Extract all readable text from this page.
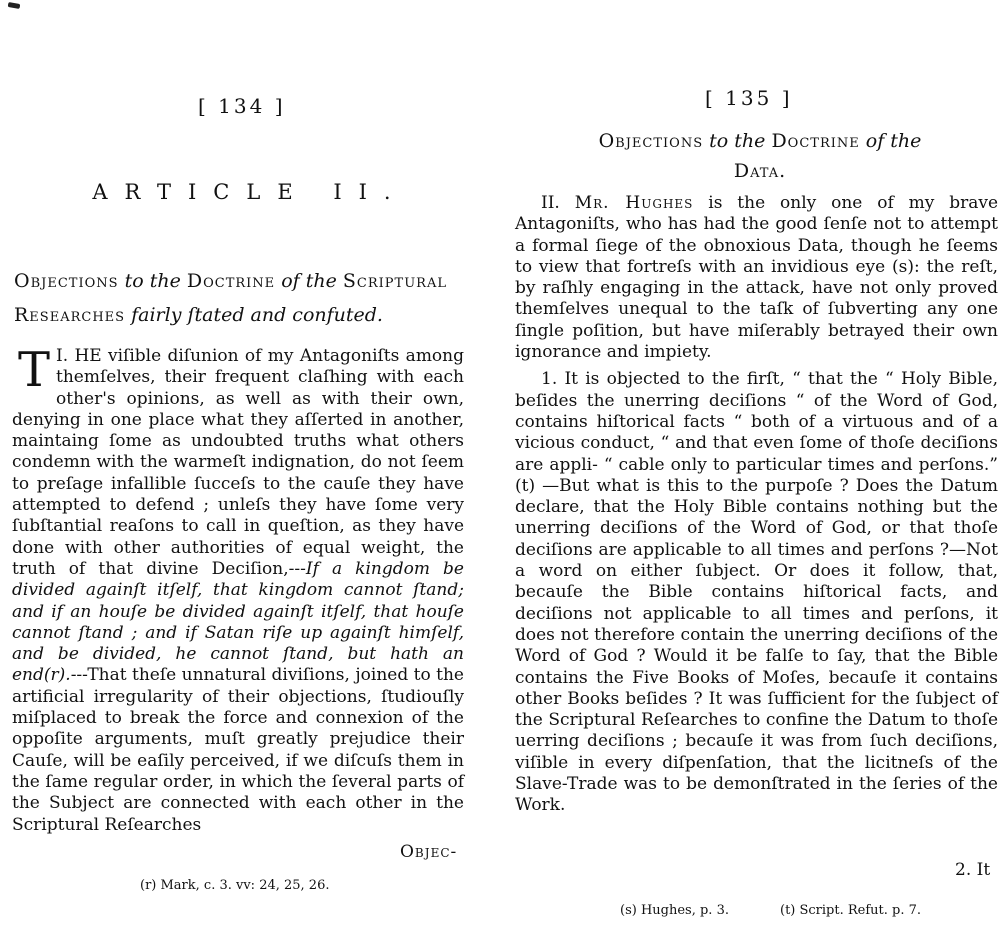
[ 134 ]
ARTICLE II.
Objections to the Doctrine of the Scriptural Researches fairly ſtated and confuted.

I.
T HE viſible diſunion of my Antagoniſts among themſelves, their frequent claſhing with each other's opinions, as well as with their own, denying in one place what they aſſerted in another, maintaing ſome as undoubted truths what others condemn with the warmeſt indignation, do not ſeem to preſage infallible ſucceſs to the cauſe they have attempted to defend ; unleſs they have ſome very ſubſtantial reaſons to call in queſtion, as they have done with other authorities of equal weight, the truth of that divine Deciſion,---If a kingdom be divided againſt itſelf, that kingdom cannot ſtand; and if an houſe be divided againſt itſelf, that houſe cannot ſtand ; and if Satan riſe up againſt himſelf, and be divided, he cannot ſtand, but hath an end(r).---That theſe unnatural diviſions, joined to the artificial irregularity of their objections, ſtudiouſly miſplaced to break the force and connexion of the oppoſite arguments, muſt greatly prejudice their Cauſe, will be eaſily perceived, if we diſcuſs them in the ſame regular order, in which the ſeveral parts of the Subject are connected with each other in the Scriptural Reſearches

Objec-
(r) Mark, c. 3. vv: 24, 25, 26.
[ 135 ]
Objections to the Doctrine of the
Data.

II. Mr. Hughes is the only one of my brave Antagoniſts, who has had the good ſenſe not to attempt a formal ſiege of the obnoxious Data, though he ſeems to view that fortreſs with an invidious eye (s): the reſt, by raſhly engaging in the attack, have not only proved themſelves unequal to the taſk of ſubverting any one ſingle poſition, but have miſerably betrayed their own ignorance and impiety.

1. It is objected to the firſt, “ that the “ Holy Bible, beſides the unerring deciſions “ of the Word of God, contains hiſtorical facts “ both of a virtuous and of a vicious conduct, “ and that even ſome of thoſe deciſions are appli- “ cable only to particular times and perſons.” (t) —But what is this to the purpoſe ? Does the Datum declare, that the Holy Bible contains nothing but the unerring deciſions of the Word of God, or that thoſe deciſions are applicable to all times and perſons ?—Not a word on either ſubject. Or does it follow, that, becauſe the Bible contains hiſtorical facts, and deciſions not applicable to all times and perſons, it does not therefore contain the unerring deciſions of the Word of God ? Would it be falſe to ſay, that the Bible contains the Five Books of Moſes, becauſe it contains other Books beſides ? It was ſufficient for the ſubject of the Scriptural Reſearches to confine the Datum to thoſe uerring deciſions ; becauſe it was from ſuch deciſions, viſible in every diſpenſation, that the licitneſs of the Slave-Trade was to be demonſtrated in the ſeries of the Work.

2. It
(s) Hughes, p. 3.	(t) Script. Refut. p. 7.
